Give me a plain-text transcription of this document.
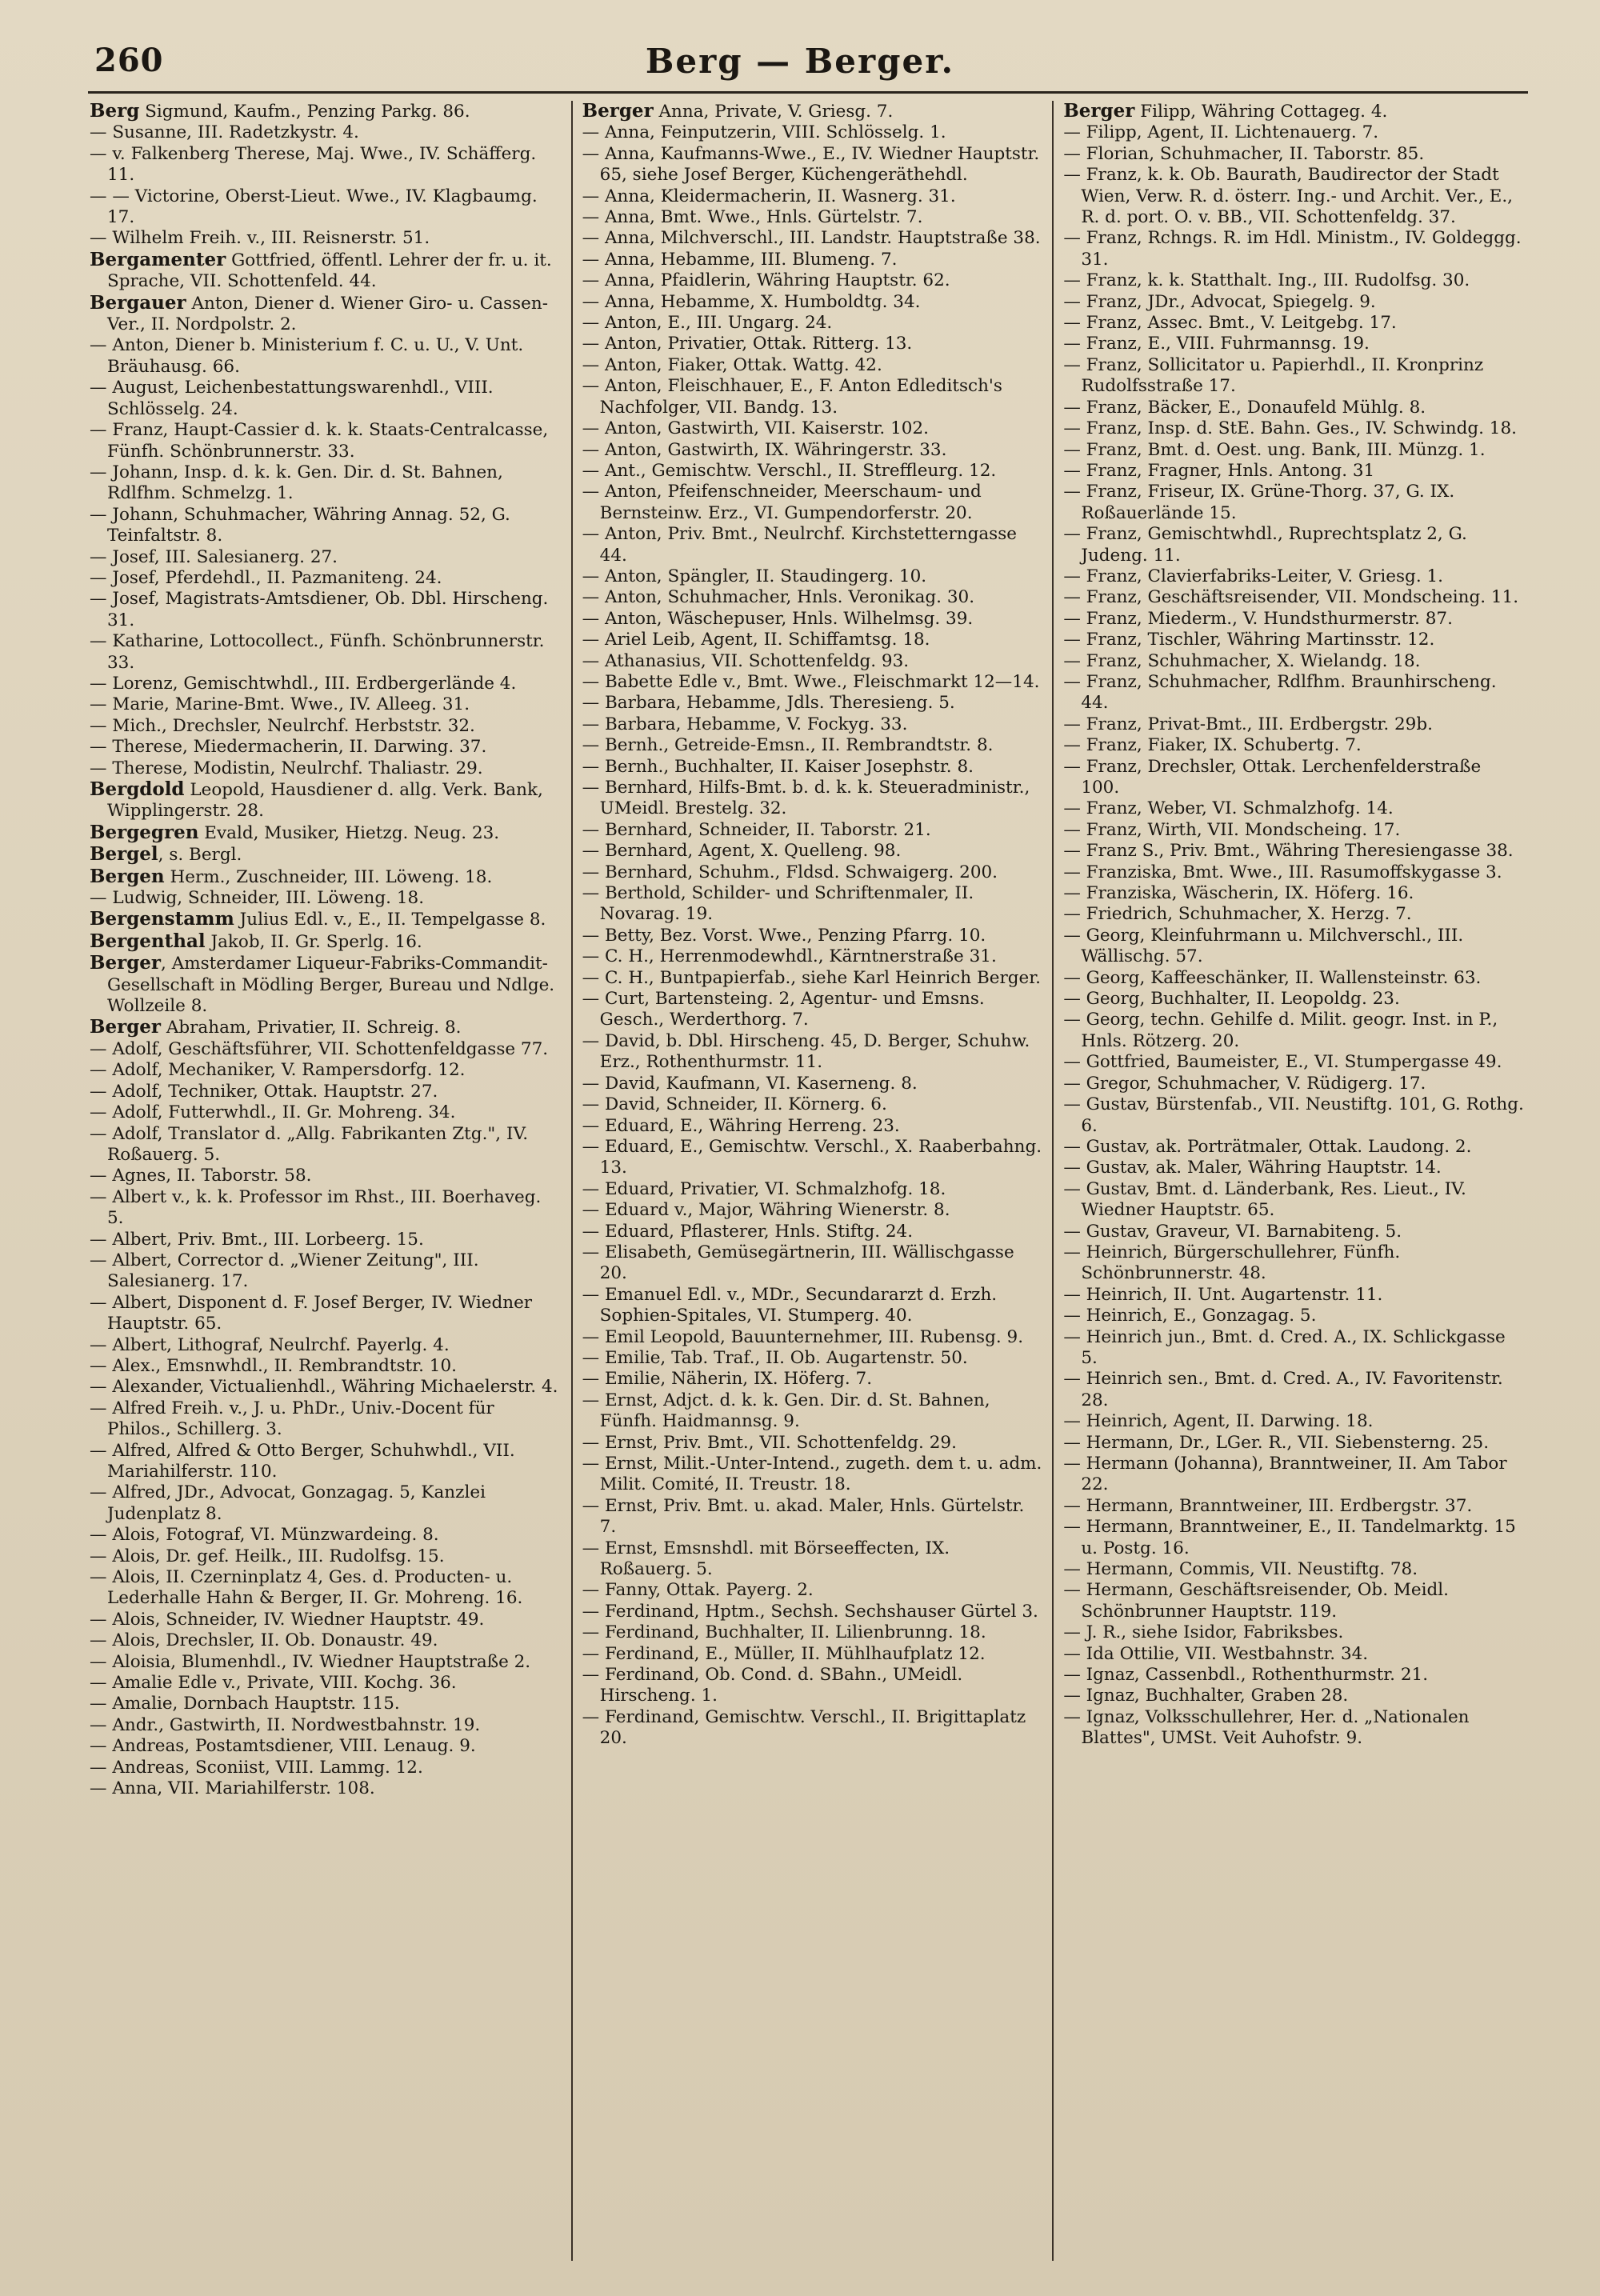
260	Berg — Berger.
Berg Sigmund, Kaufm., Penzing Parkg. 86.
— Susanne, III. Radetzkystr. 4.
— v. Falkenberg Therese, Maj. Wwe., IV. Schäfferg. 11.
— — Victorine, Oberst-Lieut. Wwe., IV. Klagbaumg. 17.
— Wilhelm Freih. v., III. Reisnerstr. 51.
Bergamenter Gottfried, öffentl. Lehrer der fr. u. it. Sprache, VII. Schottenfeld. 44.
Bergauer Anton, Diener d. Wiener Giro- u. Cassen-Ver., II. Nordpolstr. 2.
— Anton, Diener b. Ministerium f. C. u. U., V. Unt. Bräuhausg. 66.
— August, Leichenbestattungswarenhdl., VIII. Schlösselg. 24.
— Franz, Haupt-Cassier d. k. k. Staats-Centralcasse, Fünfh. Schönbrunnerstr. 33.
— Johann, Insp. d. k. k. Gen. Dir. d. St. Bahnen, Rdlfhm. Schmelzg. 1.
— Johann, Schuhmacher, Währing Annag. 52, G. Teinfaltstr. 8.
— Josef, III. Salesianerg. 27.
— Josef, Pferdehdl., II. Pazmaniteng. 24.
— Josef, Magistrats-Amtsdiener, Ob. Dbl. Hirscheng. 31.
— Katharine, Lottocollect., Fünfh. Schönbrunnerstr. 33.
— Lorenz, Gemischtwhdl., III. Erdbergerlände 4.
— Marie, Marine-Bmt. Wwe., IV. Alleeg. 31.
— Mich., Drechsler, Neulrchf. Herbststr. 32.
— Therese, Miedermacherin, II. Darwing. 37.
— Therese, Modistin, Neulrchf. Thaliastr. 29.
Bergdold Leopold, Hausdiener d. allg. Verk. Bank, Wipplingerstr. 28.
Bergegren Evald, Musiker, Hietzg. Neug. 23.
Bergel, s. Bergl.
Bergen Herm., Zuschneider, III. Löweng. 18.
— Ludwig, Schneider, III. Löweng. 18.
Bergenstamm Julius Edl. v., E., II. Tempelgasse 8.
Bergenthal Jakob, II. Gr. Sperlg. 16.
Berger, Amsterdamer Liqueur-Fabriks-Commandit-Gesellschaft in Mödling Berger, Bureau und Ndlge. Wollzeile 8.
Berger Abraham, Privatier, II. Schreig. 8.
— Adolf, Geschäftsführer, VII. Schottenfeldgasse 77.
— Adolf, Mechaniker, V. Rampersdorfg. 12.
— Adolf, Techniker, Ottak. Hauptstr. 27.
— Adolf, Futterwhdl., II. Gr. Mohreng. 34.
— Adolf, Translator d. „Allg. Fabrikanten Ztg.", IV. Roßauerg. 5.
— Agnes, II. Taborstr. 58.
— Albert v., k. k. Professor im Rhst., III. Boerhaveg. 5.
— Albert, Priv. Bmt., III. Lorbeerg. 15.
— Albert, Corrector d. „Wiener Zeitung", III. Salesianerg. 17.
— Albert, Disponent d. F. Josef Berger, IV. Wiedner Hauptstr. 65.
— Albert, Lithograf, Neulrchf. Payerlg. 4.
— Alex., Emsnwhdl., II. Rembrandtstr. 10.
— Alexander, Victualienhdl., Währing Michaelerstr. 4.
— Alfred Freih. v., J. u. PhDr., Univ.-Docent für Philos., Schillerg. 3.
— Alfred, Alfred & Otto Berger, Schuhwhdl., VII. Mariahilferstr. 110.
— Alfred, JDr., Advocat, Gonzagag. 5, Kanzlei Judenplatz 8.
— Alois, Fotograf, VI. Münzwardeing. 8.
— Alois, Dr. gef. Heilk., III. Rudolfsg. 15.
— Alois, II. Czerninplatz 4, Ges. d. Producten- u. Lederhalle Hahn & Berger, II. Gr. Mohreng. 16.
— Alois, Schneider, IV. Wiedner Hauptstr. 49.
— Alois, Drechsler, II. Ob. Donaustr. 49.
— Aloisia, Blumenhdl., IV. Wiedner Hauptstraße 2.
— Amalie Edle v., Private, VIII. Kochg. 36.
— Amalie, Dornbach Hauptstr. 115.
— Andr., Gastwirth, II. Nordwestbahnstr. 19.
— Andreas, Postamtsdiener, VIII. Lenaug. 9.
— Andreas, Sconiist, VIII. Lammg. 12.
— Anna, VII. Mariahilferstr. 108.
Berger Anna, Private, V. Griesg. 7.
— Anna, Feinputzerin, VIII. Schlösselg. 1.
— Anna, Kaufmanns-Wwe., E., IV. Wiedner Hauptstr. 65, siehe Josef Berger, Küchengeräthehdl.
— Anna, Kleidermacherin, II. Wasnerg. 31.
— Anna, Bmt. Wwe., Hnls. Gürtelstr. 7.
— Anna, Milchverschl., III. Landstr. Hauptstraße 38.
— Anna, Hebamme, III. Blumeng. 7.
— Anna, Pfaidlerin, Währing Hauptstr. 62.
— Anna, Hebamme, X. Humboldtg. 34.
— Anton, E., III. Ungarg. 24.
— Anton, Privatier, Ottak. Ritterg. 13.
— Anton, Fiaker, Ottak. Wattg. 42.
— Anton, Fleischhauer, E., F. Anton Edleditsch's Nachfolger, VII. Bandg. 13.
— Anton, Gastwirth, VII. Kaiserstr. 102.
— Anton, Gastwirth, IX. Währingerstr. 33.
— Ant., Gemischtw. Verschl., II. Streffleurg. 12.
— Anton, Pfeifenschneider, Meerschaum- und Bernsteinw. Erz., VI. Gumpendorferstr. 20.
— Anton, Priv. Bmt., Neulrchf. Kirchstetterngasse 44.
— Anton, Spängler, II. Staudingerg. 10.
— Anton, Schuhmacher, Hnls. Veronikag. 30.
— Anton, Wäschepuser, Hnls. Wilhelmsg. 39.
— Ariel Leib, Agent, II. Schiffamtsg. 18.
— Athanasius, VII. Schottenfeldg. 93.
— Babette Edle v., Bmt. Wwe., Fleischmarkt 12—14.
— Barbara, Hebamme, Jdls. Theresieng. 5.
— Barbara, Hebamme, V. Fockyg. 33.
— Bernh., Getreide-Emsn., II. Rembrandtstr. 8.
— Bernh., Buchhalter, II. Kaiser Josephstr. 8.
— Bernhard, Hilfs-Bmt. b. d. k. k. Steueradministr., UMeidl. Brestelg. 32.
— Bernhard, Schneider, II. Taborstr. 21.
— Bernhard, Agent, X. Quelleng. 98.
— Bernhard, Schuhm., Fldsd. Schwaigerg. 200.
— Berthold, Schilder- und Schriftenmaler, II. Novarag. 19.
— Betty, Bez. Vorst. Wwe., Penzing Pfarrg. 10.
— C. H., Herrenmodewhdl., Kärntnerstraße 31.
— C. H., Buntpapierfab., siehe Karl Heinrich Berger.
— Curt, Bartensteing. 2, Agentur- und Emsns. Gesch., Werderthorg. 7.
— David, b. Dbl. Hirscheng. 45, D. Berger, Schuhw. Erz., Rothenthurmstr. 11.
— David, Kaufmann, VI. Kaserneng. 8.
— David, Schneider, II. Körnerg. 6.
— Eduard, E., Währing Herreng. 23.
— Eduard, E., Gemischtw. Verschl., X. Raaberbahng. 13.
— Eduard, Privatier, VI. Schmalzhofg. 18.
— Eduard v., Major, Währing Wienerstr. 8.
— Eduard, Pflasterer, Hnls. Stiftg. 24.
— Elisabeth, Gemüsegärtnerin, III. Wällischgasse 20.
— Emanuel Edl. v., MDr., Secundararzt d. Erzh. Sophien-Spitales, VI. Stumperg. 40.
— Emil Leopold, Bauunternehmer, III. Rubensg. 9.
— Emilie, Tab. Traf., II. Ob. Augartenstr. 50.
— Emilie, Näherin, IX. Höferg. 7.
— Ernst, Adjct. d. k. k. Gen. Dir. d. St. Bahnen, Fünfh. Haidmannsg. 9.
— Ernst, Priv. Bmt., VII. Schottenfeldg. 29.
— Ernst, Milit.-Unter-Intend., zugeth. dem t. u. adm. Milit. Comité, II. Treustr. 18.
— Ernst, Priv. Bmt. u. akad. Maler, Hnls. Gürtelstr. 7.
— Ernst, Emsnshdl. mit Börseeffecten, IX. Roßauerg. 5.
— Fanny, Ottak. Payerg. 2.
— Ferdinand, Hptm., Sechsh. Sechshauser Gürtel 3.
— Ferdinand, Buchhalter, II. Lilienbrunng. 18.
— Ferdinand, E., Müller, II. Mühlhaufplatz 12.
— Ferdinand, Ob. Cond. d. SBahn., UMeidl. Hirscheng. 1.
— Ferdinand, Gemischtw. Verschl., II. Brigittaplatz 20.
Berger Filipp, Währing Cottageg. 4.
— Filipp, Agent, II. Lichtenauerg. 7.
— Florian, Schuhmacher, II. Taborstr. 85.
— Franz, k. k. Ob. Baurath, Baudirector der Stadt Wien, Verw. R. d. österr. Ing.- und Archit. Ver., E., R. d. port. O. v. BB., VII. Schottenfeldg. 37.
— Franz, Rchngs. R. im Hdl. Ministm., IV. Goldeggg. 31.
— Franz, k. k. Statthalt. Ing., III. Rudolfsg. 30.
— Franz, JDr., Advocat, Spiegelg. 9.
— Franz, Assec. Bmt., V. Leitgebg. 17.
— Franz, E., VIII. Fuhrmannsg. 19.
— Franz, Sollicitator u. Papierhdl., II. Kronprinz Rudolfsstraße 17.
— Franz, Bäcker, E., Donaufeld Mühlg. 8.
— Franz, Insp. d. StE. Bahn. Ges., IV. Schwindg. 18.
— Franz, Bmt. d. Oest. ung. Bank, III. Münzg. 1.
— Franz, Fragner, Hnls. Antong. 31
— Franz, Friseur, IX. Grüne-Thorg. 37, G. IX. Roßauerlände 15.
— Franz, Gemischtwhdl., Ruprechtsplatz 2, G. Judeng. 11.
— Franz, Clavierfabriks-Leiter, V. Griesg. 1.
— Franz, Geschäftsreisender, VII. Mondscheing. 11.
— Franz, Miederm., V. Hundsthurmerstr. 87.
— Franz, Tischler, Währing Martinsstr. 12.
— Franz, Schuhmacher, X. Wielandg. 18.
— Franz, Schuhmacher, Rdlfhm. Braunhirscheng. 44.
— Franz, Privat-Bmt., III. Erdbergstr. 29b.
— Franz, Fiaker, IX. Schubertg. 7.
— Franz, Drechsler, Ottak. Lerchenfelderstraße 100.
— Franz, Weber, VI. Schmalzhofg. 14.
— Franz, Wirth, VII. Mondscheing. 17.
— Franz S., Priv. Bmt., Währing Theresiengasse 38.
— Franziska, Bmt. Wwe., III. Rasumoffskygasse 3.
— Franziska, Wäscherin, IX. Höferg. 16.
— Friedrich, Schuhmacher, X. Herzg. 7.
— Georg, Kleinfuhrmann u. Milchverschl., III. Wällischg. 57.
— Georg, Kaffeeschänker, II. Wallensteinstr. 63.
— Georg, Buchhalter, II. Leopoldg. 23.
— Georg, techn. Gehilfe d. Milit. geogr. Inst. in P., Hnls. Rötzerg. 20.
— Gottfried, Baumeister, E., VI. Stumpergasse 49.
— Gregor, Schuhmacher, V. Rüdigerg. 17.
— Gustav, Bürstenfab., VII. Neustiftg. 101, G. Rothg. 6.
— Gustav, ak. Porträtmaler, Ottak. Laudong. 2.
— Gustav, ak. Maler, Währing Hauptstr. 14.
— Gustav, Bmt. d. Länderbank, Res. Lieut., IV. Wiedner Hauptstr. 65.
— Gustav, Graveur, VI. Barnabiteng. 5.
— Heinrich, Bürgerschullehrer, Fünfh. Schönbrunnerstr. 48.
— Heinrich, II. Unt. Augartenstr. 11.
— Heinrich, E., Gonzagag. 5.
— Heinrich jun., Bmt. d. Cred. A., IX. Schlickgasse 5.
— Heinrich sen., Bmt. d. Cred. A., IV. Favoritenstr. 28.
— Heinrich, Agent, II. Darwing. 18.
— Hermann, Dr., LGer. R., VII. Siebensterng. 25.
— Hermann (Johanna), Branntweiner, II. Am Tabor 22.
— Hermann, Branntweiner, III. Erdbergstr. 37.
— Hermann, Branntweiner, E., II. Tandelmarktg. 15 u. Postg. 16.
— Hermann, Commis, VII. Neustiftg. 78.
— Hermann, Geschäftsreisender, Ob. Meidl. Schönbrunner Hauptstr. 119.
— J. R., siehe Isidor, Fabriksbes.
— Ida Ottilie, VII. Westbahnstr. 34.
— Ignaz, Cassenbdl., Rothenthurmstr. 21.
— Ignaz, Buchhalter, Graben 28.
— Ignaz, Volksschullehrer, Her. d. „Nationalen Blattes", UMSt. Veit Auhofstr. 9.
